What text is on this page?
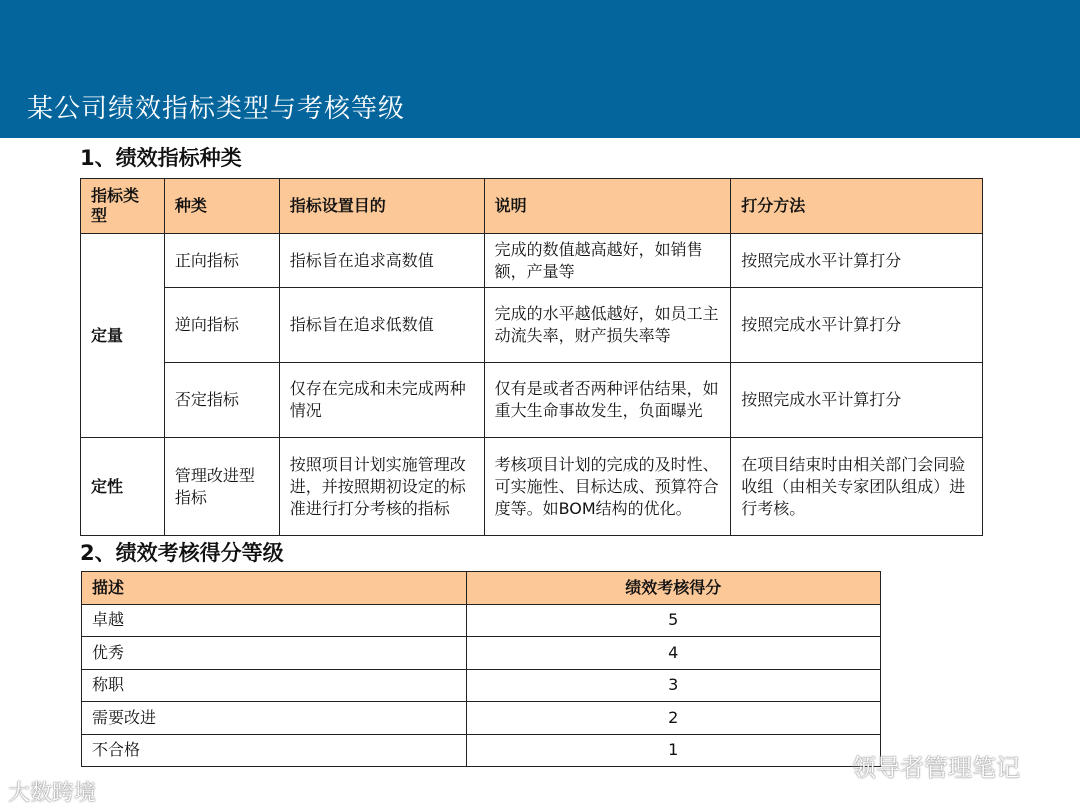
某公司绩效指标类型与考核等级
1、绩效指标种类
指标类型	种类	指标设置目的	说明	打分方法
定量	正向指标	指标旨在追求高数值	完成的数值越高越好，如销售额，产量等	按照完成水平计算打分
	逆向指标	指标旨在追求低数值	完成的水平越低越好，如员工主动流失率，财产损失率等	按照完成水平计算打分
	否定指标	仅存在完成和未完成两种情况	仅有是或者否两种评估结果，如重大生命事故发生，负面曝光	按照完成水平计算打分
定性	管理改进型指标	按照项目计划实施管理改进，并按照期初设定的标准进行打分考核的指标	考核项目计划的完成的及时性、可实施性、目标达成、预算符合度等。如BOM结构的优化。	在项目结束时由相关部门会同验收组（由相关专家团队组成）进行考核。
2、绩效考核得分等级
描述	绩效考核得分
卓越	5
优秀	4
称职	3
需要改进	2
不合格	1
大数跨境
领导者管理笔记
